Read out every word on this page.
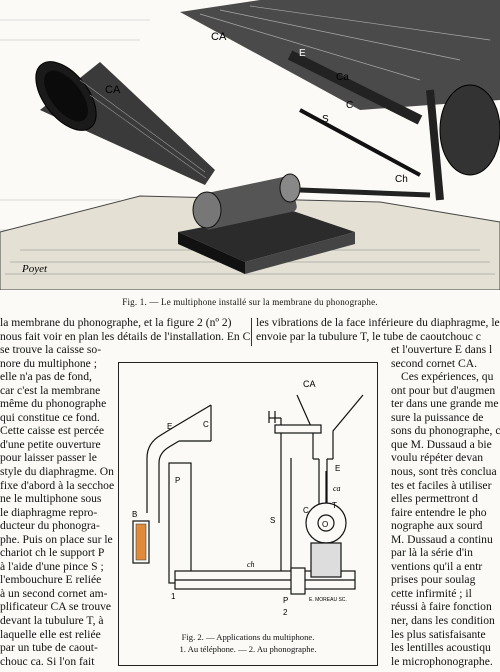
CA
CA
E
Ca
S
C
Ch
Poyet
Fig. 1. — Le multiphone installé sur la membrane du phonographe.
la membrane du phonographe, et la figure 2 (nº 2)
nous fait voir en plan les détails de l'installation. En C
se trouve la caisse so-
nore du multiphone ;
elle n'a pas de fond,
car c'est la membrane
même du phonographe
qui constitue ce fond.
Cette caisse est percée
d'une petite ouverture
pour laisser passer le
style du diaphragme. On
fixe d'abord à la secchoe
ne le multiphone sous
le diaphragme repro-
ducteur du phonogra-
phe. Puis on place sur le
chariot ch le support P
à l'aide d'une pince S ;
l'embouchure E reliée
à un second cornet am-
plificateur CA se trouve
devant la tubulure T, à
laquelle elle est reliée
par un tube de caout-
chouc ca. Si l'on fait
les vibrations de la face inférieure du diaphragme, le
envoie par la tubulure T, le tube de caoutchouc c
et l'ouverture E dans l
second cornet CA.
Ces expériences, qu
ont pour but d'augmen
ter dans une grande me
sure la puissance de
sons du phonographe, c
que M. Dussaud a bie
voulu répéter devan
nous, sont très conclua
tes et faciles à utiliser
elles permettront d
faire entendre le pho
nographe aux sourd
M. Dussaud a continu
par là la série d'in
ventions qu'il a entr
prises pour soulag
cette infirmité ; il
réussi à faire fonction
ner, dans les condition
les plus satisfaisante
les lentilles acoustiqu
le microphonographe.
E	C
P
B
1
CA
E
ca
T
S
C
O
ch
P
2
E. MOREAU SC.
Fig. 2. — Applications du multiphone.
1. Au téléphone. — 2. Au phonographe.
